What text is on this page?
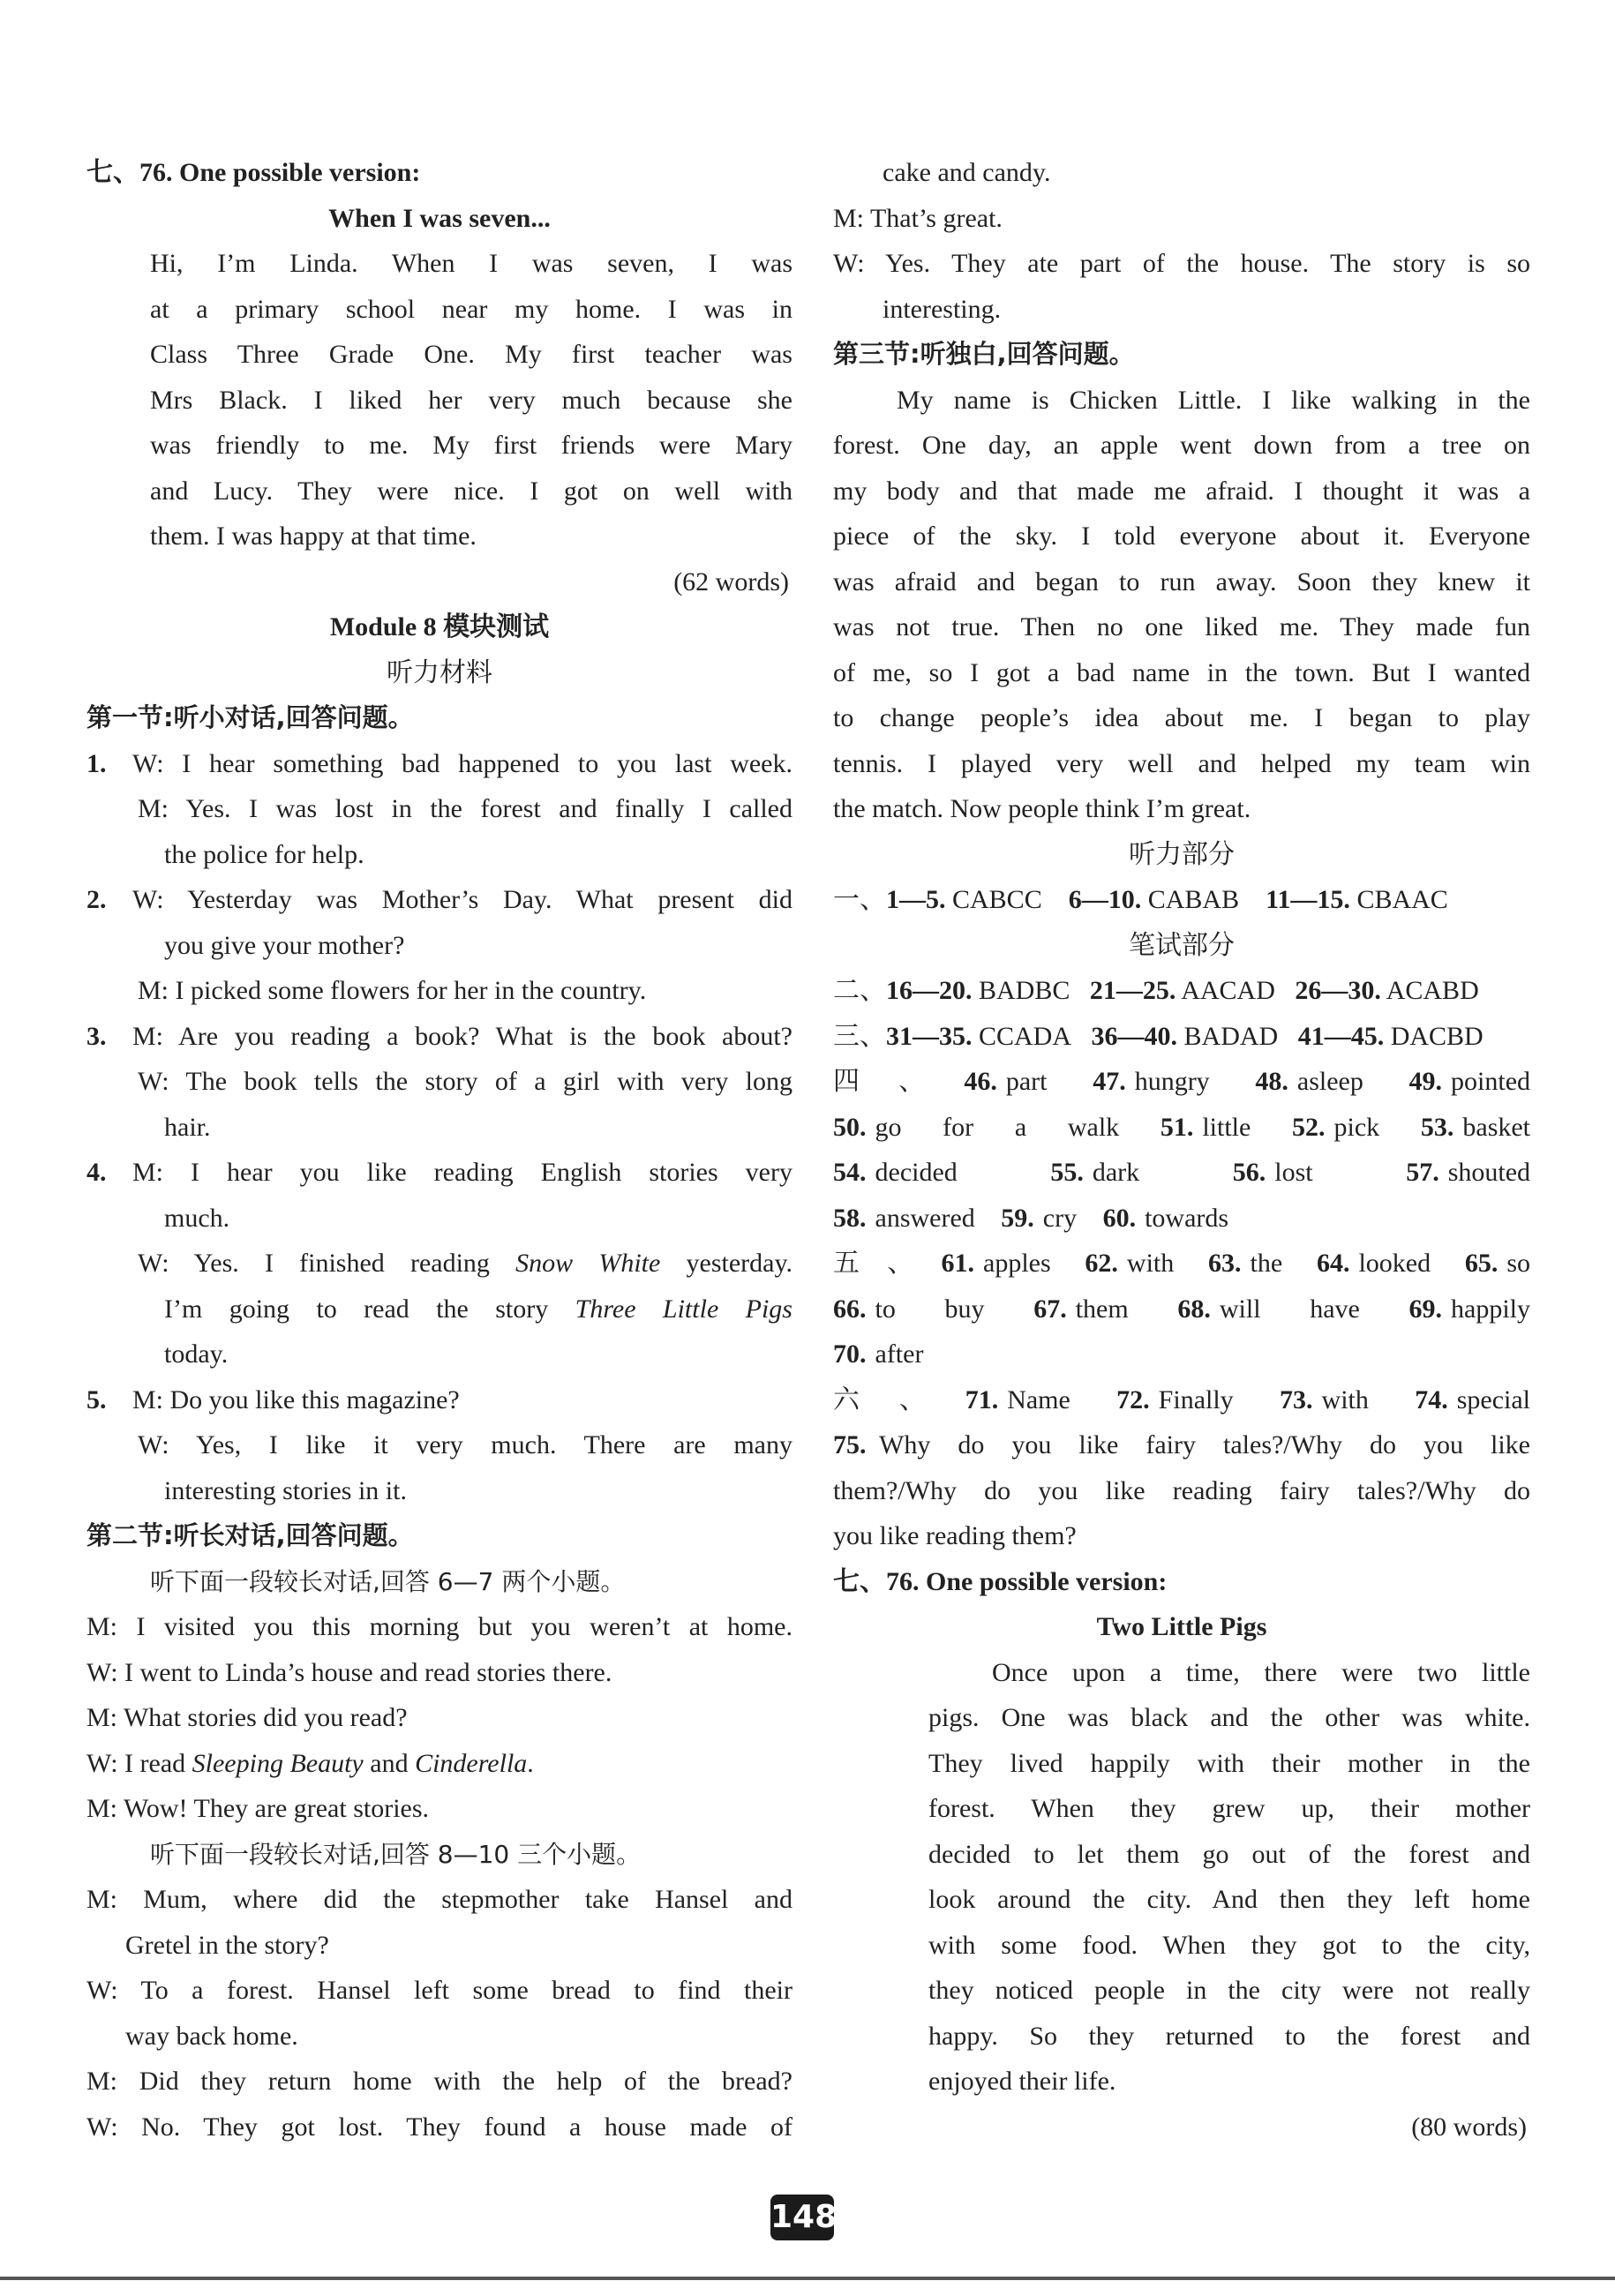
七、76. One possible version:
When I was seven...
Hi, I’m Linda. When I was seven, I was
at a primary school near my home. I was in
Class Three Grade One. My first teacher was
Mrs Black. I liked her very much because she
was friendly to me. My first friends were Mary
and Lucy. They were nice. I got on well with
them. I was happy at that time.
(62 words)
Module 8 模块测试
听力材料
第一节:听小对话,回答问题。
1. W: I hear something bad happened to you last week.
M: Yes. I was lost in the forest and finally I called
the police for help.
2. W: Yesterday was Mother’s Day. What present did
you give your mother?
M: I picked some flowers for her in the country.
3. M: Are you reading a book? What is the book about?
W: The book tells the story of a girl with very long
hair.
4. M: I hear you like reading English stories very
much.
W: Yes. I finished reading Snow White yesterday.
I’m going to read the story Three Little Pigs
today.
5. M: Do you like this magazine?
W: Yes, I like it very much. There are many
interesting stories in it.
第二节:听长对话,回答问题。
听下面一段较长对话,回答 6—7 两个小题。
M: I visited you this morning but you weren’t at home.
W: I went to Linda’s house and read stories there.
M: What stories did you read?
W: I read Sleeping Beauty and Cinderella.
M: Wow! They are great stories.
听下面一段较长对话,回答 8—10 三个小题。
M: Mum, where did the stepmother take Hansel and
Gretel in the story?
W: To a forest. Hansel left some bread to find their
way back home.
M: Did they return home with the help of the bread?
W: No. They got lost. They found a house made of
cake and candy.
M: That’s great.
W: Yes. They ate part of the house. The story is so
interesting.
第三节:听独白,回答问题。
My name is Chicken Little. I like walking in the
forest. One day, an apple went down from a tree on
my body and that made me afraid. I thought it was a
piece of the sky. I told everyone about it. Everyone
was afraid and began to run away. Soon they knew it
was not true. Then no one liked me. They made fun
of me, so I got a bad name in the town. But I wanted
to change people’s idea about me. I began to play
tennis. I played very well and helped my team win
the match. Now people think I’m great.
听力部分
一、1—5. CABCC 6—10. CABAB 11—15. CBAAC
笔试部分
二、16—20. BADBC 21—25. AACAD 26—30. ACABD
三、31—35. CCADA 36—40. BADAD 41—45. DACBD
四、46. part 47. hungry 48. asleep 49. pointed
50. go for a walk 51. little 52. pick 53. basket
54. decided	55. dark	56. lost	57. shouted
58. answered 59. cry 60. towards
五、61. apples 62. with 63. the 64. looked 65. so
66. to buy 67. them 68. will have 69. happily
70. after
六、71. Name 72. Finally 73. with 74. special
75. Why do you like fairy tales?/Why do you like
them?/Why do you like reading fairy tales?/Why do
you like reading them?
七、76. One possible version:
Two Little Pigs
Once upon a time, there were two little
pigs. One was black and the other was white.
They lived happily with their mother in the
forest. When they grew up, their mother
decided to let them go out of the forest and
look around the city. And then they left home
with some food. When they got to the city,
they noticed people in the city were not really
happy. So they returned to the forest and
enjoyed their life.
(80 words)
148
